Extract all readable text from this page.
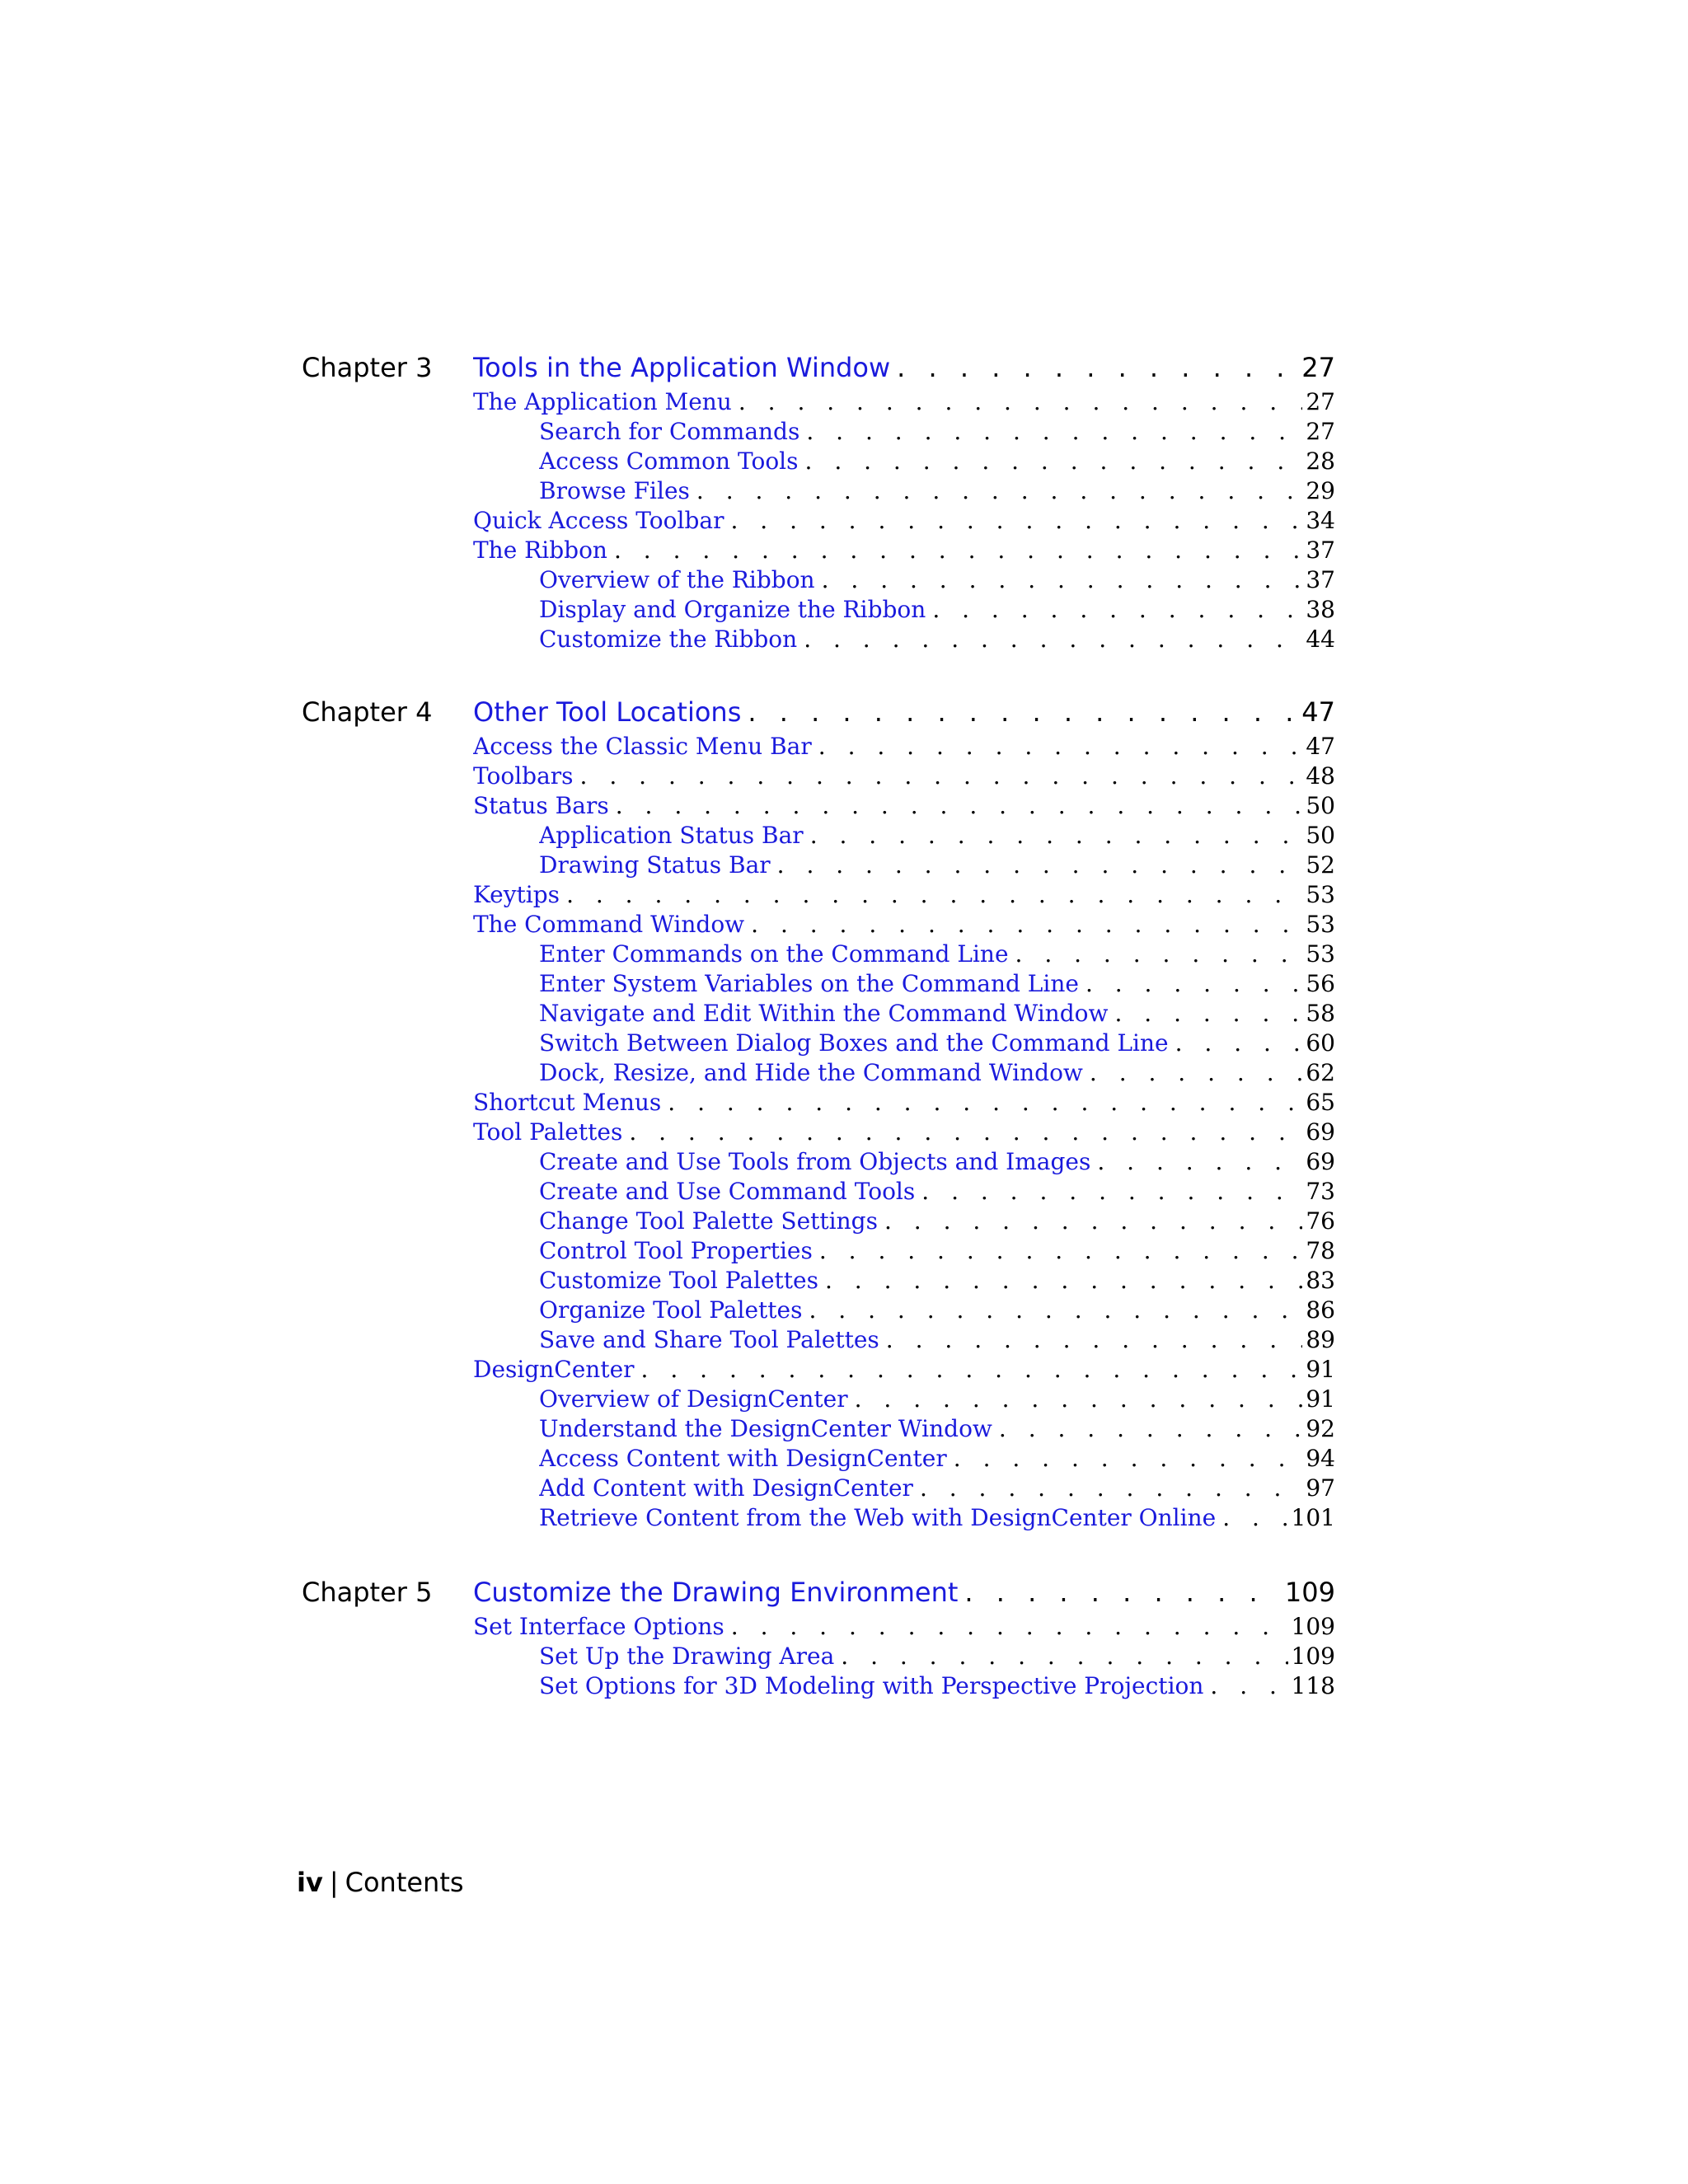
Chapter 3 Tools in the Application Window . . .	27
The Application Menu . . .	27
Search for Commands . . .	27
Access Common Tools . . .	28
Browse Files . . .	29
Quick Access Toolbar . . .	34
The Ribbon . . .	37
Overview of the Ribbon . . .	37
Display and Organize the Ribbon . . .	38
Customize the Ribbon . . .	44
Chapter 4 Other Tool Locations . . .	47
Access the Classic Menu Bar . . .	47
Toolbars . . .	48
Status Bars . . .	50
Application Status Bar . . .	50
Drawing Status Bar . . .	52
Keytips . . .	53
The Command Window . . .	53
Enter Commands on the Command Line . . .	53
Enter System Variables on the Command Line . . .	56
Navigate and Edit Within the Command Window . . .	58
Switch Between Dialog Boxes and the Command Line . . .	60
Dock, Resize, and Hide the Command Window . . .	62
Shortcut Menus . . .	65
Tool Palettes . . .	69
Create and Use Tools from Objects and Images . . .	69
Create and Use Command Tools . . .	73
Change Tool Palette Settings . . .	76
Control Tool Properties . . .	78
Customize Tool Palettes . . .	83
Organize Tool Palettes . . .	86
Save and Share Tool Palettes . . .	89
DesignCenter . . .	91
Overview of DesignCenter . . .	91
Understand the DesignCenter Window . . .	92
Access Content with DesignCenter . . .	94
Add Content with DesignCenter . . .	97
Retrieve Content from the Web with DesignCenter Online . . .	101
Chapter 5 Customize the Drawing Environment . . .	109
Set Interface Options . . .	109
Set Up the Drawing Area . . .	109
Set Options for 3D Modeling with Perspective Projection . . .	118
iv | Contents
